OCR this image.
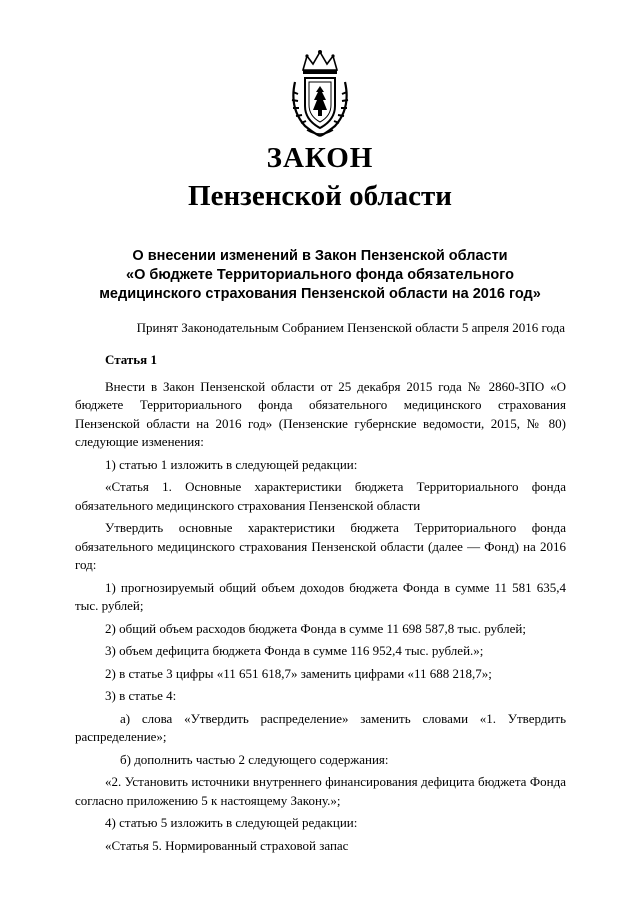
ЗАКОН
Пензенской области
О внесении изменений в Закон Пензенской области
«О бюджете Территориального фонда обязательного
медицинского страхования Пензенской области на 2016 год»
Принят Законодательным Собранием Пензенской области 5 апреля 2016 года

Статья 1

Внести в Закон Пензенской области от 25 декабря 2015 года № 2860-ЗПО «О бюджете Территориального фонда обязательного медицинского страхования Пензенской области на 2016 год» (Пензенские губернские ведомости, 2015, № 80) следующие изменения:

1) статью 1 изложить в следующей редакции:

«Статья 1. Основные характеристики бюджета Территориального фонда обязательного медицинского страхования Пензенской области

Утвердить основные характеристики бюджета Территориального фонда обязательного медицинского страхования Пензенской области (далее — Фонд) на 2016 год:

1) прогнозируемый общий объем доходов бюджета Фонда в сумме 11 581 635,4 тыс. рублей;

2) общий объем расходов бюджета Фонда в сумме 11 698 587,8 тыс. рублей;

3) объем дефицита бюджета Фонда в сумме 116 952,4 тыс. рублей.»;

2) в статье 3 цифры «11 651 618,7» заменить цифрами «11 688 218,7»;

3) в статье 4:

а) слова «Утвердить распределение» заменить словами «1. Утвердить распределение»;

б) дополнить частью 2 следующего содержания:

«2. Установить источники внутреннего финансирования дефицита бюджета Фонда согласно приложению 5 к настоящему Закону.»;

4) статью 5 изложить в следующей редакции:

«Статья 5. Нормированный страховой запас
